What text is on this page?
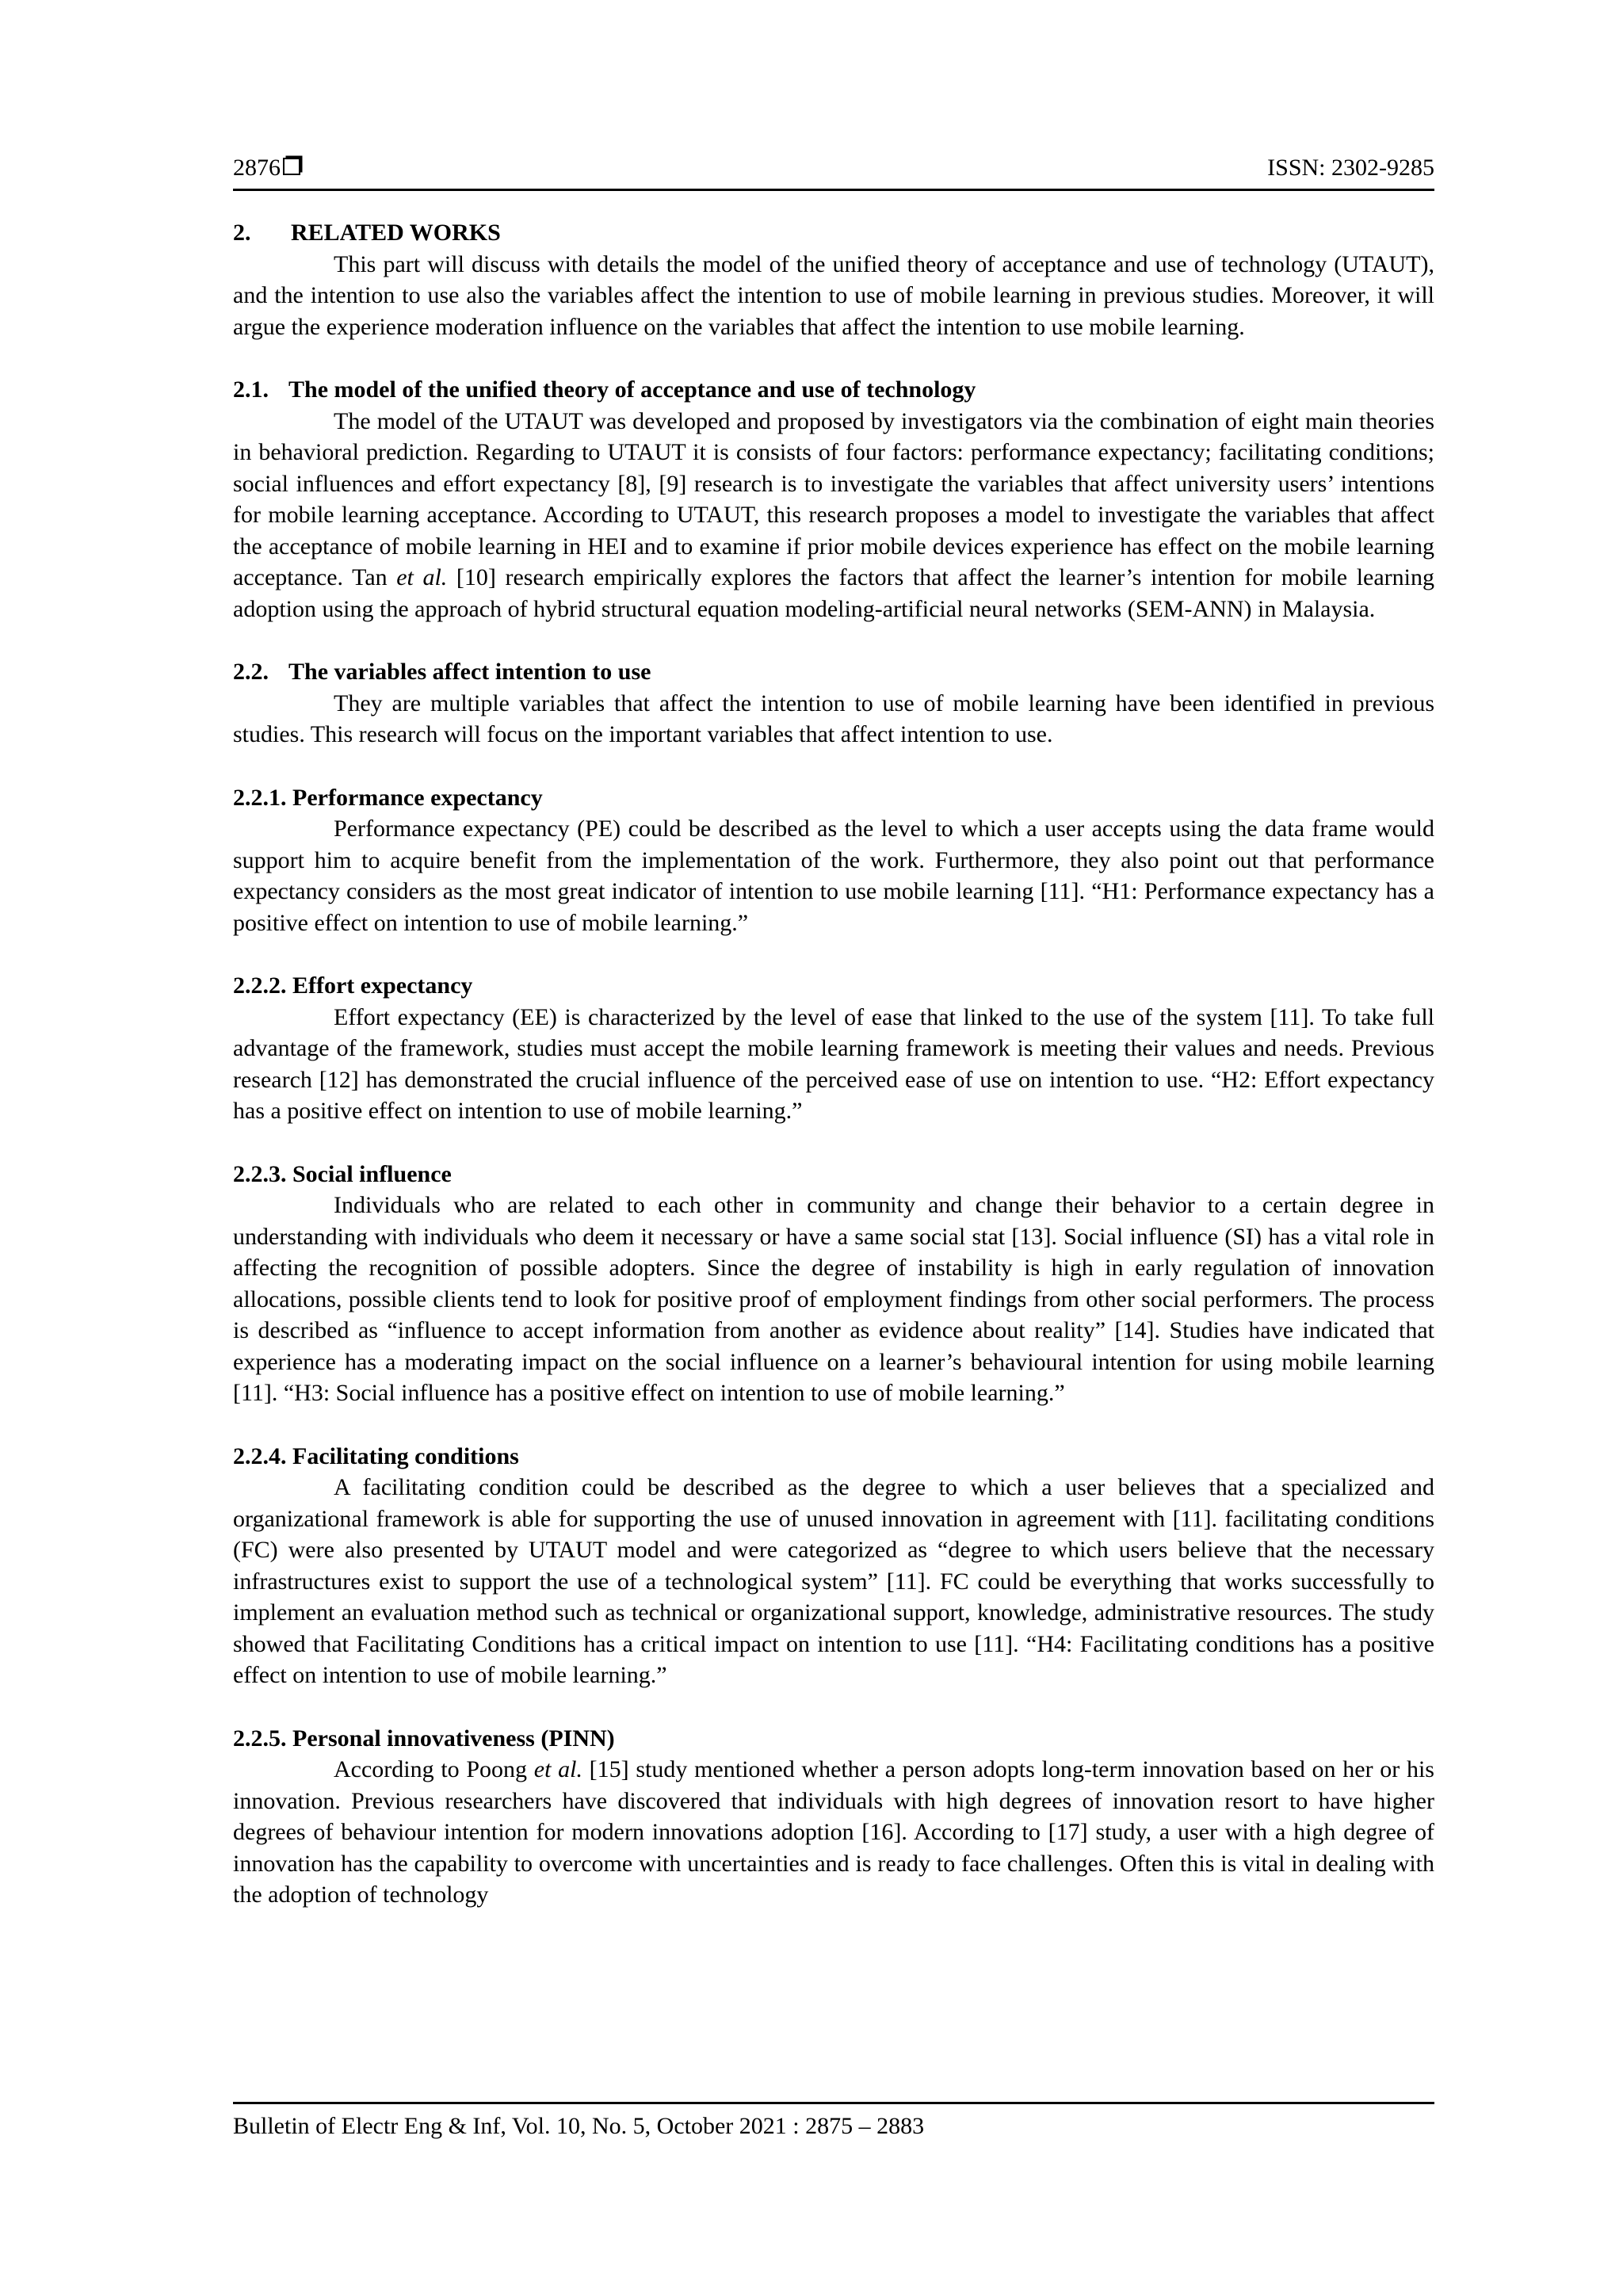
2876	ISSN: 2302-9285
2. RELATED WORKS

This part will discuss with details the model of the unified theory of acceptance and use of technology (UTAUT), and the intention to use also the variables affect the intention to use of mobile learning in previous studies. Moreover, it will argue the experience moderation influence on the variables that affect the intention to use mobile learning.

2.1. The model of the unified theory of acceptance and use of technology

The model of the UTAUT was developed and proposed by investigators via the combination of eight main theories in behavioral prediction. Regarding to UTAUT it is consists of four factors: performance expectancy; facilitating conditions; social influences and effort expectancy [8], [9] research is to investigate the variables that affect university users’ intentions for mobile learning acceptance. According to UTAUT, this research proposes a model to investigate the variables that affect the acceptance of mobile learning in HEI and to examine if prior mobile devices experience has effect on the mobile learning acceptance. Tan et al. [10] research empirically explores the factors that affect the learner’s intention for mobile learning adoption using the approach of hybrid structural equation modeling-artificial neural networks (SEM-ANN) in Malaysia.

2.2. The variables affect intention to use

They are multiple variables that affect the intention to use of mobile learning have been identified in previous studies. This research will focus on the important variables that affect intention to use.

2.2.1. Performance expectancy

Performance expectancy (PE) could be described as the level to which a user accepts using the data frame would support him to acquire benefit from the implementation of the work. Furthermore, they also point out that performance expectancy considers as the most great indicator of intention to use mobile learning [11]. “H1: Performance expectancy has a positive effect on intention to use of mobile learning.”

2.2.2. Effort expectancy

Effort expectancy (EE) is characterized by the level of ease that linked to the use of the system [11]. To take full advantage of the framework, studies must accept the mobile learning framework is meeting their values and needs. Previous research [12] has demonstrated the crucial influence of the perceived ease of use on intention to use. “H2: Effort expectancy has a positive effect on intention to use of mobile learning.”

2.2.3. Social influence

Individuals who are related to each other in community and change their behavior to a certain degree in understanding with individuals who deem it necessary or have a same social stat [13]. Social influence (SI) has a vital role in affecting the recognition of possible adopters. Since the degree of instability is high in early regulation of innovation allocations, possible clients tend to look for positive proof of employment findings from other social performers. The process is described as “influence to accept information from another as evidence about reality” [14]. Studies have indicated that experience has a moderating impact on the social influence on a learner’s behavioural intention for using mobile learning [11]. “H3: Social influence has a positive effect on intention to use of mobile learning.”

2.2.4. Facilitating conditions

A facilitating condition could be described as the degree to which a user believes that a specialized and organizational framework is able for supporting the use of unused innovation in agreement with [11]. facilitating conditions (FC) were also presented by UTAUT model and were categorized as “degree to which users believe that the necessary infrastructures exist to support the use of a technological system” [11]. FC could be everything that works successfully to implement an evaluation method such as technical or organizational support, knowledge, administrative resources. The study showed that Facilitating Conditions has a critical impact on intention to use [11]. “H4: Facilitating conditions has a positive effect on intention to use of mobile learning.”

2.2.5. Personal innovativeness (PINN)

According to Poong et al. [15] study mentioned whether a person adopts long-term innovation based on her or his innovation. Previous researchers have discovered that individuals with high degrees of innovation resort to have higher degrees of behaviour intention for modern innovations adoption [16]. According to [17] study, a user with a high degree of innovation has the capability to overcome with uncertainties and is ready to face challenges. Often this is vital in dealing with the adoption of technology

Bulletin of Electr Eng & Inf, Vol. 10, No. 5, October 2021 : 2875 – 2883
